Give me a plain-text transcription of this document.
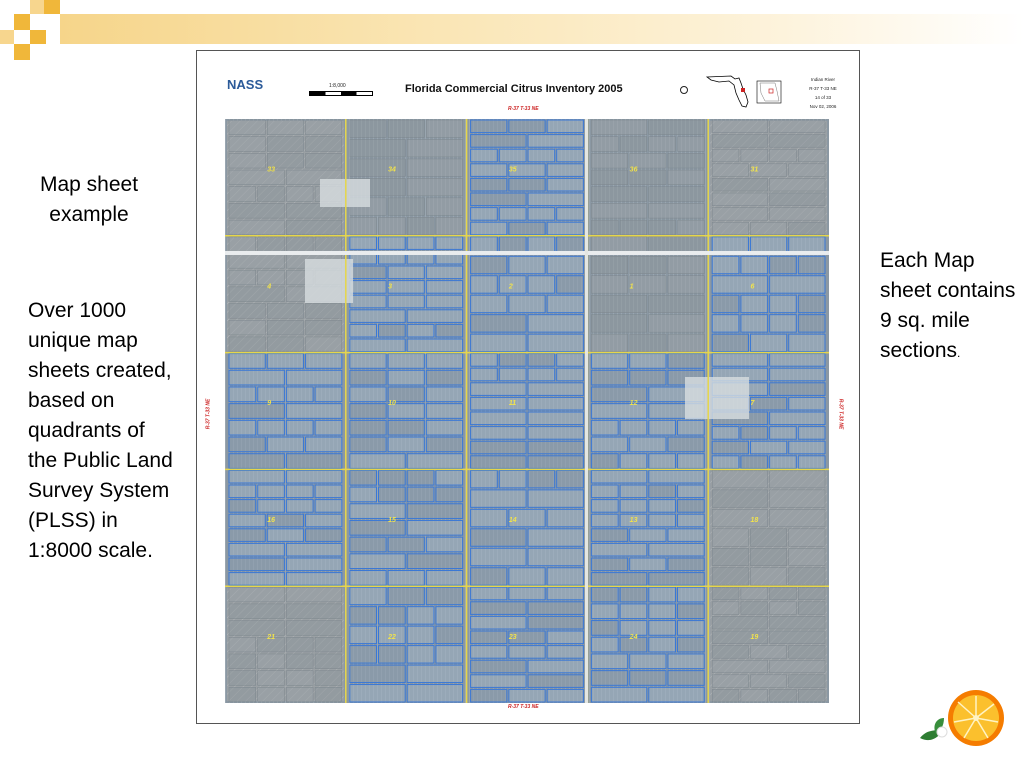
Map sheet example
Over 1000 unique map sheets created, based on quadrants of the Public Land Survey System (PLSS) in 1:8000 scale.
Each Map sheet contains 9 sq. mile sections.
NASS	1:8,000	Florida Commercial Citrus Inventory 2005
Indian River
R-37 T-33 NE
14 of 33
Nov 02, 2006
R-37 T-33 NE
R-37 T-33 NE	R-37 T-33 NE
33	34	35	36	31
4	3	2	1	6
9	10	11	12	7
16	15	14	13	18
21	22	23	24	19
R-37 T-33 NE
